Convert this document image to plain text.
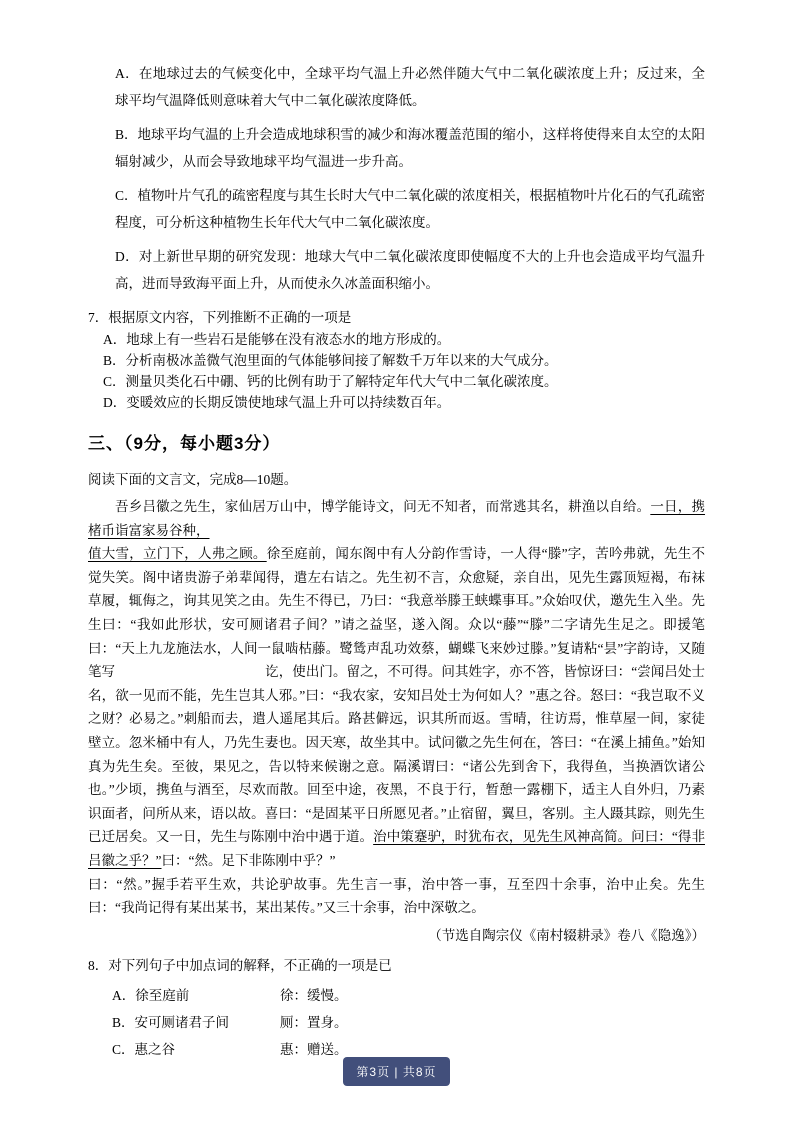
A．在地球过去的气候变化中，全球平均气温上升必然伴随大气中二氧化碳浓度上升；反过来，全球平均气温降低则意味着大气中二氧化碳浓度降低。

B．地球平均气温的上升会造成地球积雪的减少和海冰覆盖范围的缩小，这样将使得来自太空的太阳辐射减少，从而会导致地球平均气温进一步升高。

C．植物叶片气孔的疏密程度与其生长时大气中二氧化碳的浓度相关，根据植物叶片化石的气孔疏密程度，可分析这种植物生长年代大气中二氧化碳浓度。

D．对上新世早期的研究发现：地球大气中二氧化碳浓度即使幅度不大的上升也会造成平均气温升高，进而导致海平面上升，从而使永久冰盖面积缩小。

7．根据原文内容，下列推断不正确的一项是

A．地球上有一些岩石是能够在没有液态水的地方形成的。

B．分析南极冰盖微气泡里面的气体能够间接了解数千万年以来的大气成分。

C．测量贝类化石中硼、钙的比例有助于了解特定年代大气中二氧化碳浓度。

D．变暖效应的长期反馈使地球气温上升可以持续数百年。

三、（9分，每小题3分）

阅读下面的文言文，完成8—10题。

吾乡吕徽之先生，家仙居万山中，博学能诗文，问无不知者，而常逃其名，耕渔以自给。一日，携楮币诣富家易谷种，
值大雪，立门下，人弗之顾。徐至庭前，闻东阁中有人分韵作雪诗，一人得“滕”字，苦吟弗就，先生不觉失笑。阁中诸贵游子弟辈闻得，遣左右诘之。先生初不言，众愈疑，亲自出，见先生露顶短褐，布袜草履，辄侮之，询其见笑之由。先生不得已，乃曰：“我意举滕王蛱蝶事耳。”众始叹伏，邀先生入坐。先生曰：“我如此形状，安可厕诸君子间？”请之益坚，遂入阁。众以“藤”“滕”二字请先生足之。即援笔曰：“天上九龙施法水，人间一鼠啮枯藤。鹭鸶声乱功效蔡，蝴蝶飞来妙过滕。”复请粘“昙”字韵诗，又随笔写	讫，使出门。留之，不可得。问其姓字，亦不答，皆惊讶曰：“尝闻吕处士名，欲一见而不能，先生岂其人邪。”曰：“我农家，安知吕处士为何如人？”惠之谷。怒曰：“我岂取不义之财？必易之。”刺船而去，遣人遥尾其后。路甚僻远，识其所而返。雪晴，往访焉，惟草屋一间，家徒壁立。忽米桶中有人，乃先生妻也。因天寒，故坐其中。试问徽之先生何在，答曰：“在溪上捕鱼。”始知真为先生矣。至彼，果见之，告以特来候谢之意。隔溪谓曰：“诸公先到舍下，我得鱼，当换酒饮诸公也。”少顷，携鱼与酒至，尽欢而散。回至中途，夜黑，不良于行，暂憩一露棚下，适主人自外归，乃素识面者，问所从来，语以故。喜曰：“是固某平日所愿见者。”止宿留，翼旦，客别。主人蹑其踪，则先生已迁居矣。又一日，先生与陈刚中治中遇于道。治中策蹇驴，时犹布衣，见先生风神高简。问曰：“得非吕徽之乎？”曰：“然。足下非陈刚中乎？”
曰：“然。”握手若平生欢，共论驴故事。先生言一事，治中答一事，互至四十余事，治中止矣。先生曰：“我尚记得有某出某书，某出某传。”又三十余事，治中深敬之。

（节选自陶宗仪《南村辍耕录》卷八《隐逸》）

8．对下列句子中加点词的解释，不正确的一项是已

A．徐至庭前	徐：缓慢。
B．安可厕诸君子间	厕：置身。
C．惠之谷	惠：赠送。
第3页 | 共8页
